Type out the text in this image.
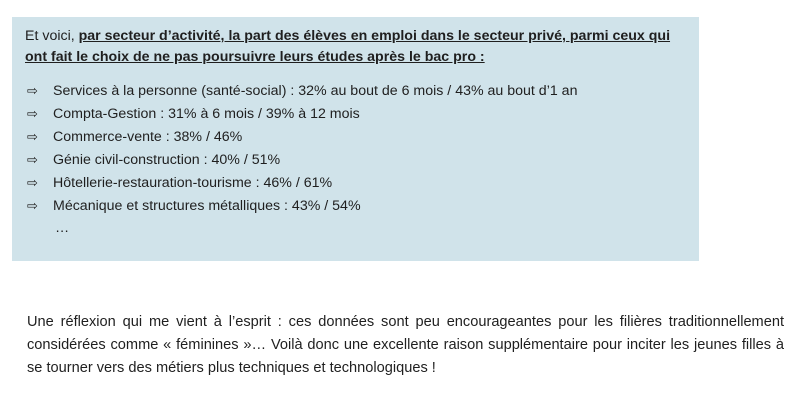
Et voici, par secteur d’activité, la part des élèves en emploi dans le secteur privé, parmi ceux qui ont fait le choix de ne pas poursuivre leurs études après le bac pro :

⇨	Services à la personne (santé-social) : 32% au bout de 6 mois / 43% au bout d’1 an
⇨	Compta-Gestion : 31% à 6 mois / 39% à 12 mois
⇨	Commerce-vente : 38% / 46%
⇨	Génie civil-construction : 40% / 51%
⇨	Hôtellerie-restauration-tourisme : 46% / 61%
⇨	Mécanique et structures métalliques : 43% / 54%
…

Une réflexion qui me vient à l’esprit : ces données sont peu encourageantes pour les filières traditionnellement considérées comme « féminines »… Voilà donc une excellente raison supplémentaire pour inciter les jeunes filles à se tourner vers des métiers plus techniques et technologiques !
